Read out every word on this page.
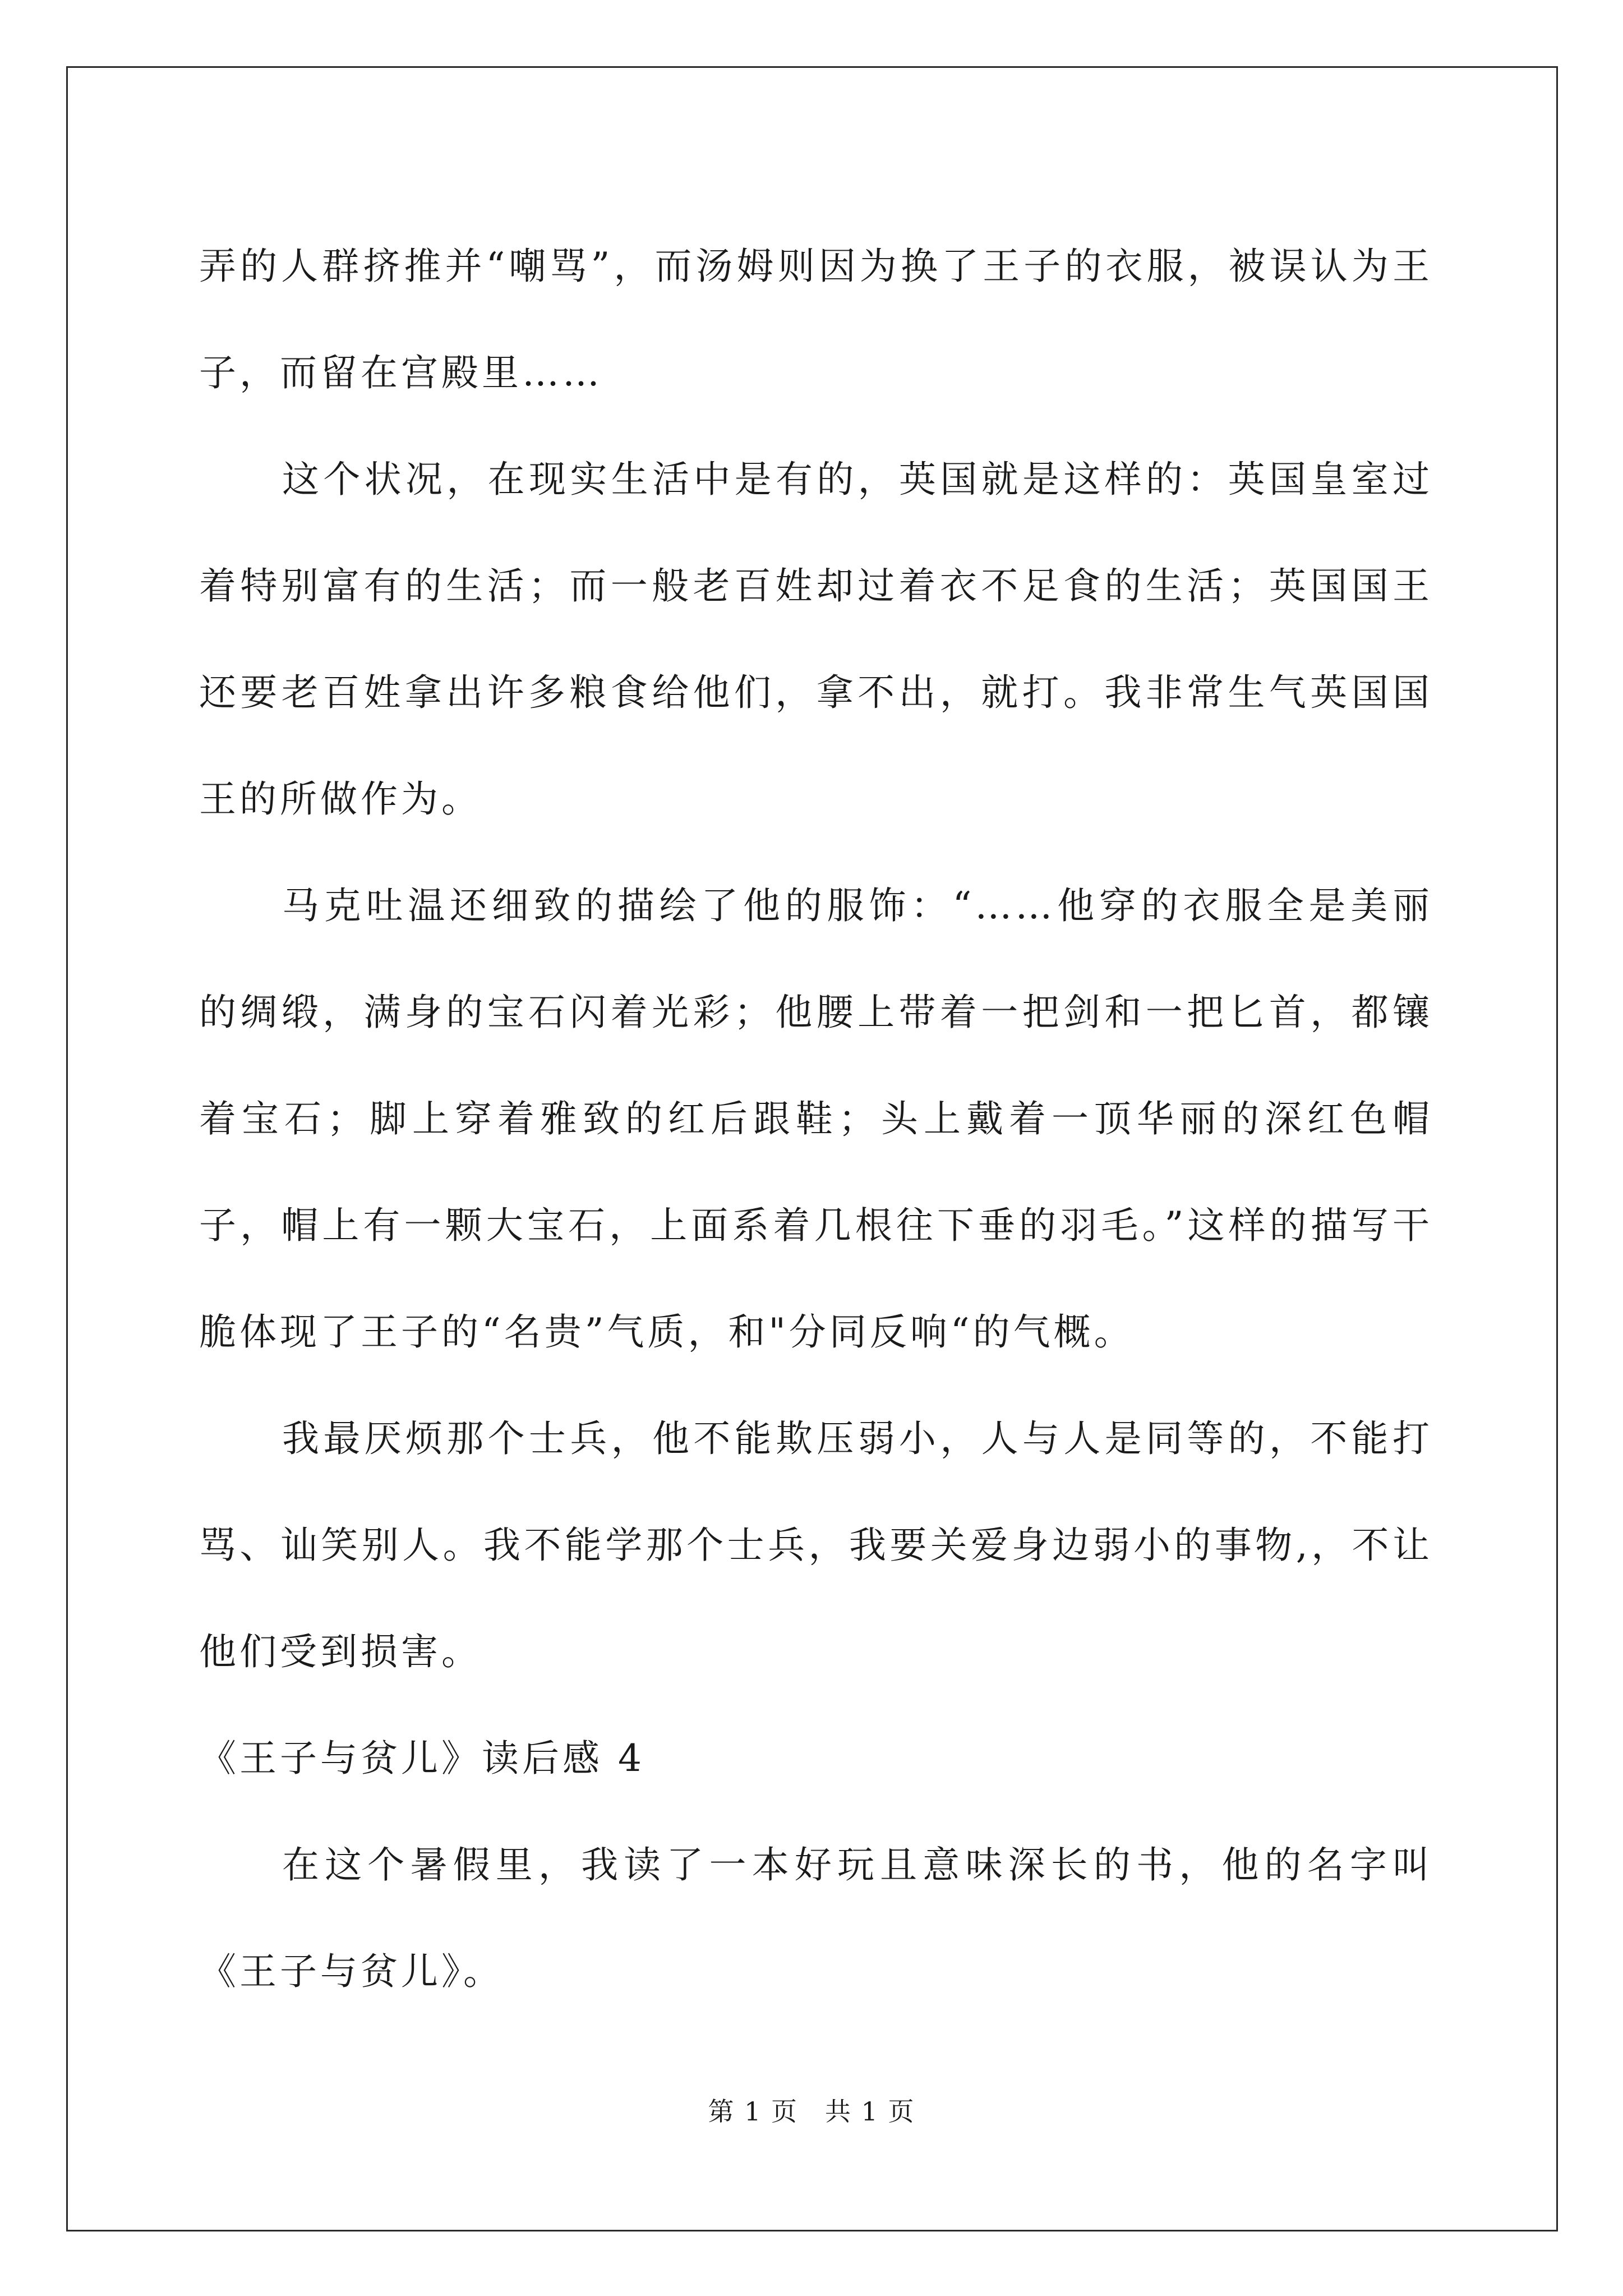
弄的人群挤推并“嘲骂”，而汤姆则因为换了王子的衣服，被误认为王子，而留在宫殿里……

这个状况，在现实生活中是有的，英国就是这样的：英国皇室过着特别富有的生活；而一般老百姓却过着衣不足食的生活；英国国王还要老百姓拿出许多粮食给他们，拿不出，就打。我非常生气英国国王的所做作为。

马克吐温还细致的描绘了他的服饰：“……他穿的衣服全是美丽的绸缎，满身的宝石闪着光彩；他腰上带着一把剑和一把匕首，都镶着宝石；脚上穿着雅致的红后跟鞋；头上戴着一顶华丽的深红色帽子，帽上有一颗大宝石，上面系着几根往下垂的羽毛。”这样的描写干脆体现了王子的“名贵”气质，和"分同反响“的气概。

我最厌烦那个士兵，他不能欺压弱小，人与人是同等的，不能打骂、讪笑别人。我不能学那个士兵，我要关爱身边弱小的事物,，不让他们受到损害。

《王子与贫儿》读后感 4

在这个暑假里，我读了一本好玩且意味深长的书，他的名字叫《王子与贫儿》。

第 1 页　共 1 页
